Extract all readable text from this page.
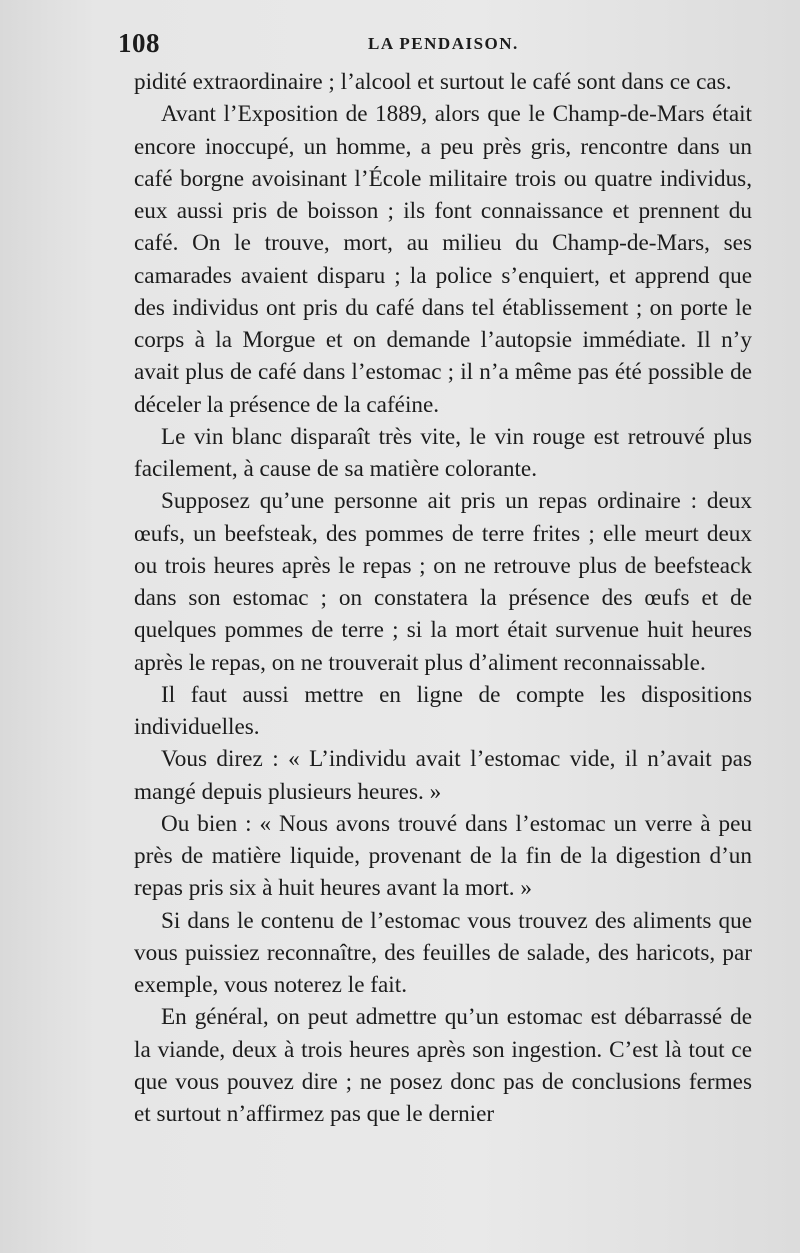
108	LA PENDAISON.

pidité extraordinaire ; l’alcool et surtout le café sont dans ce cas.

Avant l’Exposition de 1889, alors que le Champ-de-Mars était encore inoccupé, un homme, a peu près gris, rencontre dans un café borgne avoisinant l’École militaire trois ou quatre individus, eux aussi pris de boisson ; ils font connaissance et prennent du café. On le trouve, mort, au milieu du Champ-de-Mars, ses camarades avaient disparu ; la police s’enquiert, et apprend que des individus ont pris du café dans tel établissement ; on porte le corps à la Morgue et on demande l’autopsie immédiate. Il n’y avait plus de café dans l’estomac ; il n’a même pas été possible de déceler la présence de la caféine.

Le vin blanc disparaît très vite, le vin rouge est retrouvé plus facilement, à cause de sa matière colorante.

Supposez qu’une personne ait pris un repas ordinaire : deux œufs, un beefsteak, des pommes de terre frites ; elle meurt deux ou trois heures après le repas ; on ne retrouve plus de beefsteack dans son estomac ; on constatera la présence des œufs et de quelques pommes de terre ; si la mort était survenue huit heures après le repas, on ne trouverait plus d’aliment reconnaissable.

Il faut aussi mettre en ligne de compte les dispositions individuelles.

Vous direz : « L’individu avait l’estomac vide, il n’avait pas mangé depuis plusieurs heures. »

Ou bien : « Nous avons trouvé dans l’estomac un verre à peu près de matière liquide, provenant de la fin de la digestion d’un repas pris six à huit heures avant la mort. »

Si dans le contenu de l’estomac vous trouvez des aliments que vous puissiez reconnaître, des feuilles de salade, des haricots, par exemple, vous noterez le fait.

En général, on peut admettre qu’un estomac est débarrassé de la viande, deux à trois heures après son ingestion. C’est là tout ce que vous pouvez dire ; ne posez donc pas de conclusions fermes et surtout n’affirmez pas que le dernier
